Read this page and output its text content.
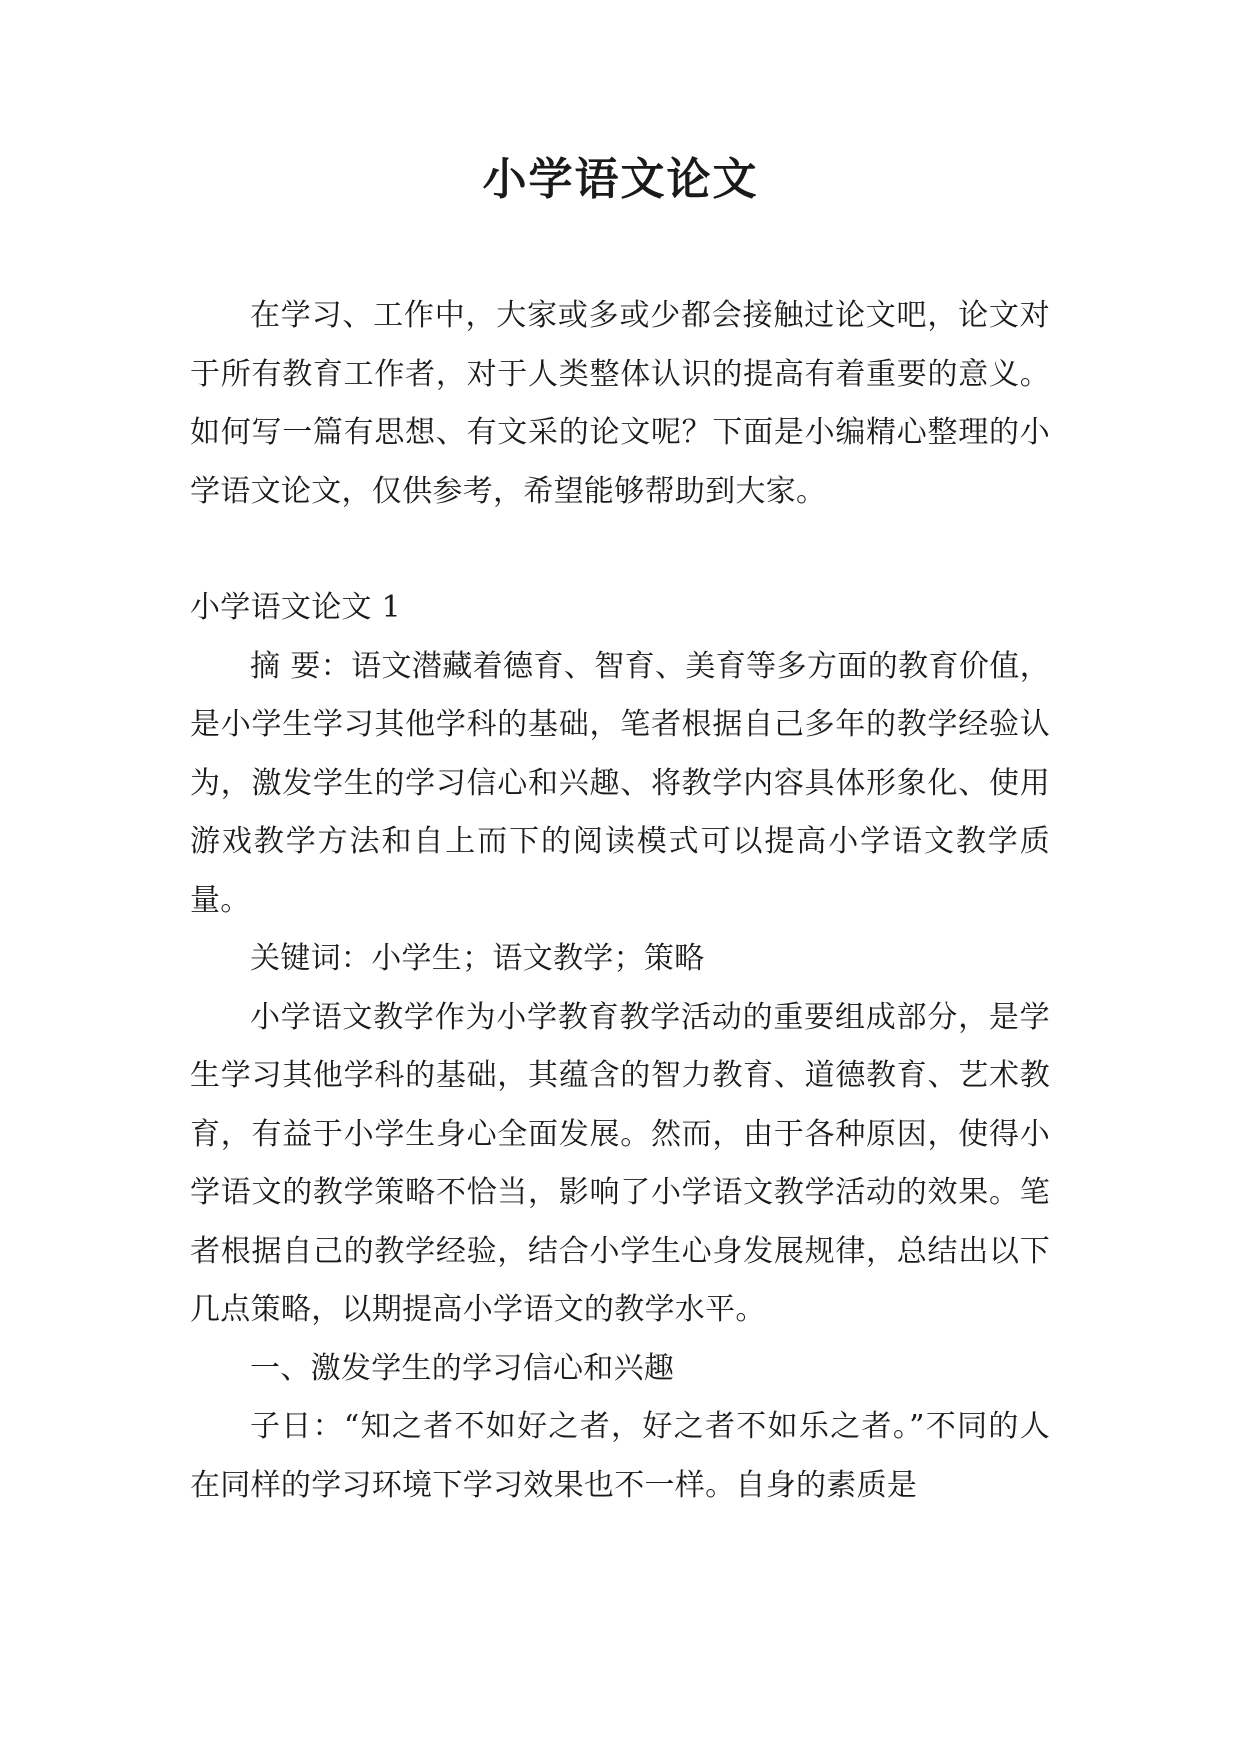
小学语文论文

在学习、工作中，大家或多或少都会接触过论文吧，论文对于所有教育工作者，对于人类整体认识的提高有着重要的意义。如何写一篇有思想、有文采的论文呢？下面是小编精心整理的小学语文论文，仅供参考，希望能够帮助到大家。

小学语文论文 1

摘 要：语文潜藏着德育、智育、美育等多方面的教育价值，是小学生学习其他学科的基础，笔者根据自己多年的教学经验认为，激发学生的学习信心和兴趣、将教学内容具体形象化、使用游戏教学方法和自上而下的阅读模式可以提高小学语文教学质量。

关键词：小学生；语文教学；策略

小学语文教学作为小学教育教学活动的重要组成部分，是学生学习其他学科的基础，其蕴含的智力教育、道德教育、艺术教育，有益于小学生身心全面发展。然而，由于各种原因，使得小学语文的教学策略不恰当，影响了小学语文教学活动的效果。笔者根据自己的教学经验，结合小学生心身发展规律，总结出以下几点策略，以期提高小学语文的教学水平。

一、激发学生的学习信心和兴趣

子日：“知之者不如好之者，好之者不如乐之者。”不同的人在同样的学习环境下学习效果也不一样。自身的素质是
